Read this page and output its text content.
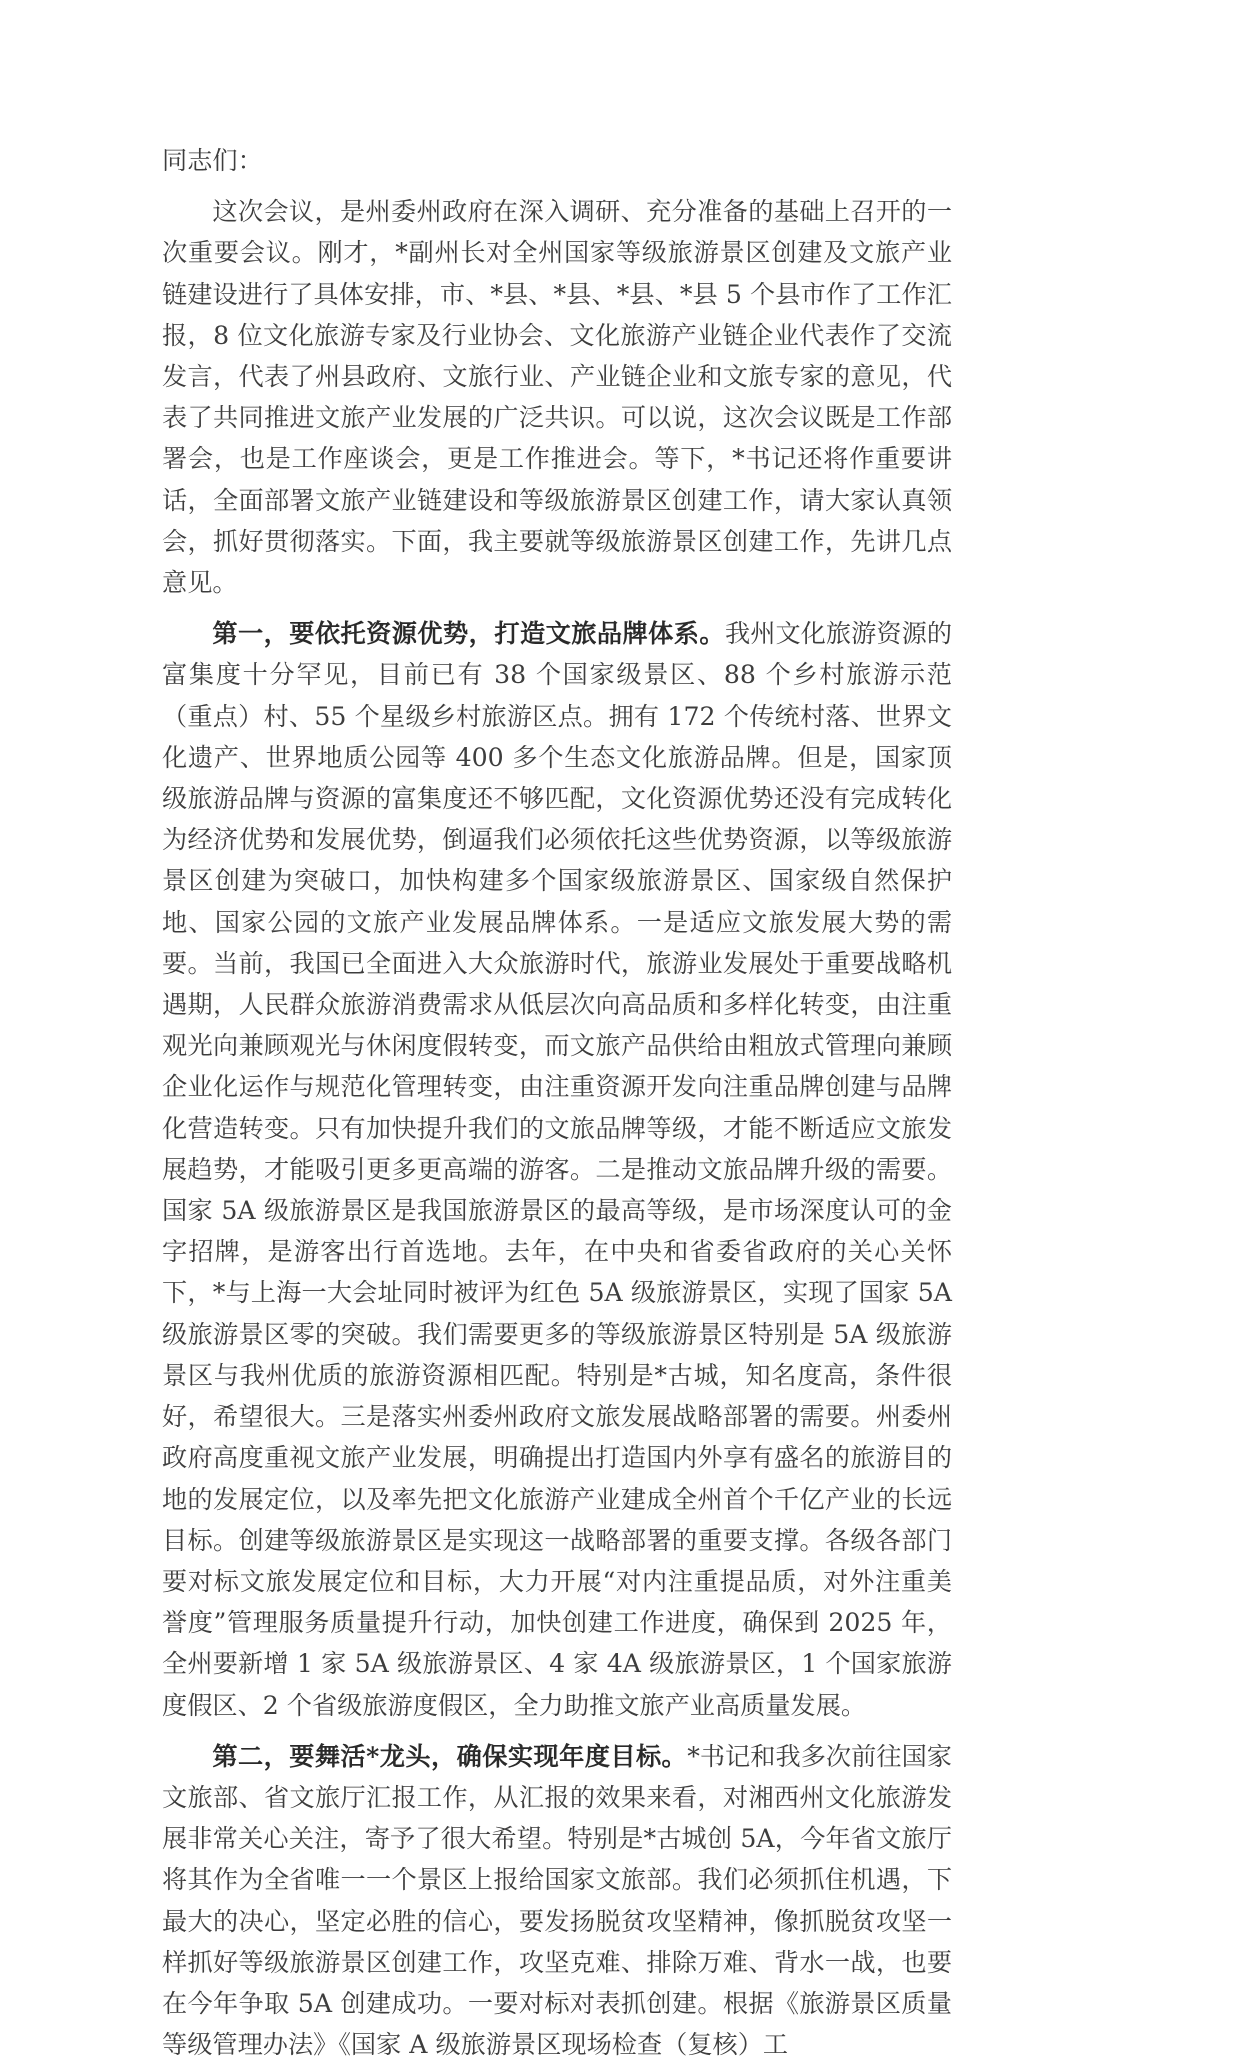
同志们：

这次会议，是州委州政府在深入调研、充分准备的基础上召开的一次重要会议。刚才，*副州长对全州国家等级旅游景区创建及文旅产业链建设进行了具体安排，市、*县、*县、*县、*县 5 个县市作了工作汇报，8 位文化旅游专家及行业协会、文化旅游产业链企业代表作了交流发言，代表了州县政府、文旅行业、产业链企业和文旅专家的意见，代表了共同推进文旅产业发展的广泛共识。可以说，这次会议既是工作部署会，也是工作座谈会，更是工作推进会。等下，*书记还将作重要讲话，全面部署文旅产业链建设和等级旅游景区创建工作，请大家认真领会，抓好贯彻落实。下面，我主要就等级旅游景区创建工作，先讲几点意见。

第一，要依托资源优势，打造文旅品牌体系。我州文化旅游资源的富集度十分罕见，目前已有 38 个国家级景区、88 个乡村旅游示范（重点）村、55 个星级乡村旅游区点。拥有 172 个传统村落、世界文化遗产、世界地质公园等 400 多个生态文化旅游品牌。但是，国家顶级旅游品牌与资源的富集度还不够匹配，文化资源优势还没有完成转化为经济优势和发展优势，倒逼我们必须依托这些优势资源，以等级旅游景区创建为突破口，加快构建多个国家级旅游景区、国家级自然保护地、国家公园的文旅产业发展品牌体系。一是适应文旅发展大势的需要。当前，我国已全面进入大众旅游时代，旅游业发展处于重要战略机遇期，人民群众旅游消费需求从低层次向高品质和多样化转变，由注重观光向兼顾观光与休闲度假转变，而文旅产品供给由粗放式管理向兼顾企业化运作与规范化管理转变，由注重资源开发向注重品牌创建与品牌化营造转变。只有加快提升我们的文旅品牌等级，才能不断适应文旅发展趋势，才能吸引更多更高端的游客。二是推动文旅品牌升级的需要。国家 5A 级旅游景区是我国旅游景区的最高等级，是市场深度认可的金字招牌，是游客出行首选地。去年，在中央和省委省政府的关心关怀下，*与上海一大会址同时被评为红色 5A 级旅游景区，实现了国家 5A 级旅游景区零的突破。我们需要更多的等级旅游景区特别是 5A 级旅游景区与我州优质的旅游资源相匹配。特别是*古城，知名度高，条件很好，希望很大。三是落实州委州政府文旅发展战略部署的需要。州委州政府高度重视文旅产业发展，明确提出打造国内外享有盛名的旅游目的地的发展定位，以及率先把文化旅游产业建成全州首个千亿产业的长远目标。创建等级旅游景区是实现这一战略部署的重要支撑。各级各部门要对标文旅发展定位和目标，大力开展“对内注重提品质，对外注重美誉度”管理服务质量提升行动，加快创建工作进度，确保到 2025 年，全州要新增 1 家 5A 级旅游景区、4 家 4A 级旅游景区，1 个国家旅游度假区、2 个省级旅游度假区，全力助推文旅产业高质量发展。

第二，要舞活*龙头，确保实现年度目标。*书记和我多次前往国家文旅部、省文旅厅汇报工作，从汇报的效果来看，对湘西州文化旅游发展非常关心关注，寄予了很大希望。特别是*古城创 5A，今年省文旅厅将其作为全省唯一一个景区上报给国家文旅部。我们必须抓住机遇，下最大的决心，坚定必胜的信心，要发扬脱贫攻坚精神，像抓脱贫攻坚一样抓好等级旅游景区创建工作，攻坚克难、排除万难、背水一战，也要在今年争取 5A 创建成功。一要对标对表抓创建。根据《旅游景区质量等级管理办法》《国家 A 级旅游景区现场检查（复核）工
